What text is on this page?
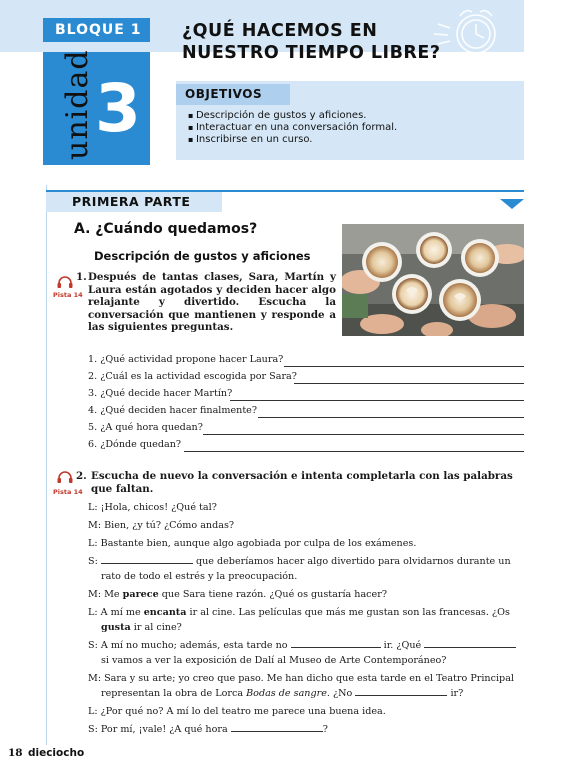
BLOQUE 1
unidad 3
¿QUÉ HACEMOS EN
NUESTRO TIEMPO LIBRE?
OBJETIVOS
▪ Descripción de gustos y aficiones.
▪ Interactuar en una conversación formal.
▪ Inscribirse en un curso.
PRIMERA PARTE
A. ¿Cuándo quedamos?
Descripción de gustos y aficiones
Pista 14
1. Después de tantas clases, Sara, Martín y Laura están agotados y deciden hacer algo relajante y divertido. Escucha la conversación que mantienen y responde a las siguientes preguntas.
1. ¿Qué actividad propone hacer Laura?
2. ¿Cuál es la actividad escogida por Sara?
3. ¿Qué decide hacer Martín?
4. ¿Qué deciden hacer finalmente?
5. ¿A qué hora quedan?
6. ¿Dónde quedan?
Pista 14
2. Escucha de nuevo la conversación e intenta completarla con las palabras que faltan.
L: ¡Hola, chicos! ¿Qué tal?
M: Bien, ¿y tú? ¿Cómo andas?
L: Bastante bien, aunque algo agobiada por culpa de los exámenes.
S:	que deberíamos hacer algo divertido para olvidarnos durante un
rato de todo el estrés y la preocupación.
M: Me parece que Sara tiene razón. ¿Qué os gustaría hacer?
L: A mí me encanta ir al cine. Las películas que más me gustan son las francesas. ¿Os
gusta ir al cine?
S: A mí no mucho; además, esta tarde no	ir. ¿Qué
si vamos a ver la exposición de Dalí al Museo de Arte Contemporáneo?
M: Sara y su arte; yo creo que paso. Me han dicho que esta tarde en el Teatro Principal
representan la obra de Lorca Bodas de sangre. ¿No	ir?
L: ¿Por qué no? A mí lo del teatro me parece una buena idea.
S: Por mí, ¡vale! ¿A qué hora	?
18 dieciocho
